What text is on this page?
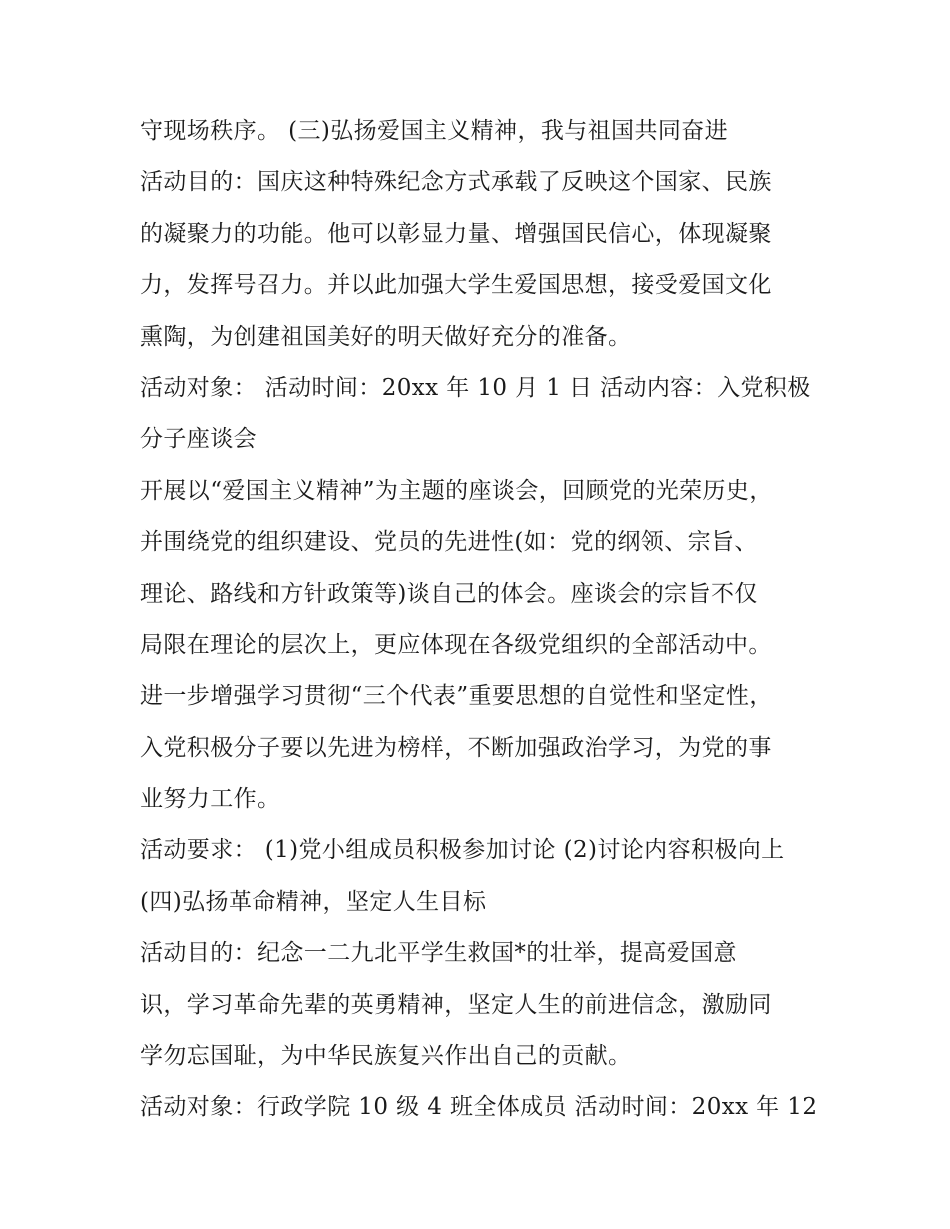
守现场秩序。 (三)弘扬爱国主义精神，我与祖国共同奋进
活动目的：国庆这种特殊纪念方式承载了反映这个国家、民族
的凝聚力的功能。他可以彰显力量、增强国民信心，体现凝聚
力，发挥号召力。并以此加强大学生爱国思想，接受爱国文化
熏陶，为创建祖国美好的明天做好充分的准备。
活动对象： 活动时间：20xx 年 10 月 1 日 活动内容：入党积极
分子座谈会
开展以“爱国主义精神”为主题的座谈会，回顾党的光荣历史，
并围绕党的组织建设、党员的先进性(如：党的纲领、宗旨、
理论、路线和方针政策等)谈自己的体会。座谈会的宗旨不仅
局限在理论的层次上，更应体现在各级党组织的全部活动中。
进一步增强学习贯彻“三个代表”重要思想的自觉性和坚定性，
入党积极分子要以先进为榜样，不断加强政治学习，为党的事
业努力工作。
活动要求： (1)党小组成员积极参加讨论 (2)讨论内容积极向上
(四)弘扬革命精神，坚定人生目标
活动目的：纪念一二九北平学生救国*的壮举，提高爱国意
识，学习革命先辈的英勇精神，坚定人生的前进信念，激励同
学勿忘国耻，为中华民族复兴作出自己的贡献。
活动对象：行政学院 10 级 4 班全体成员 活动时间：20xx 年 12
